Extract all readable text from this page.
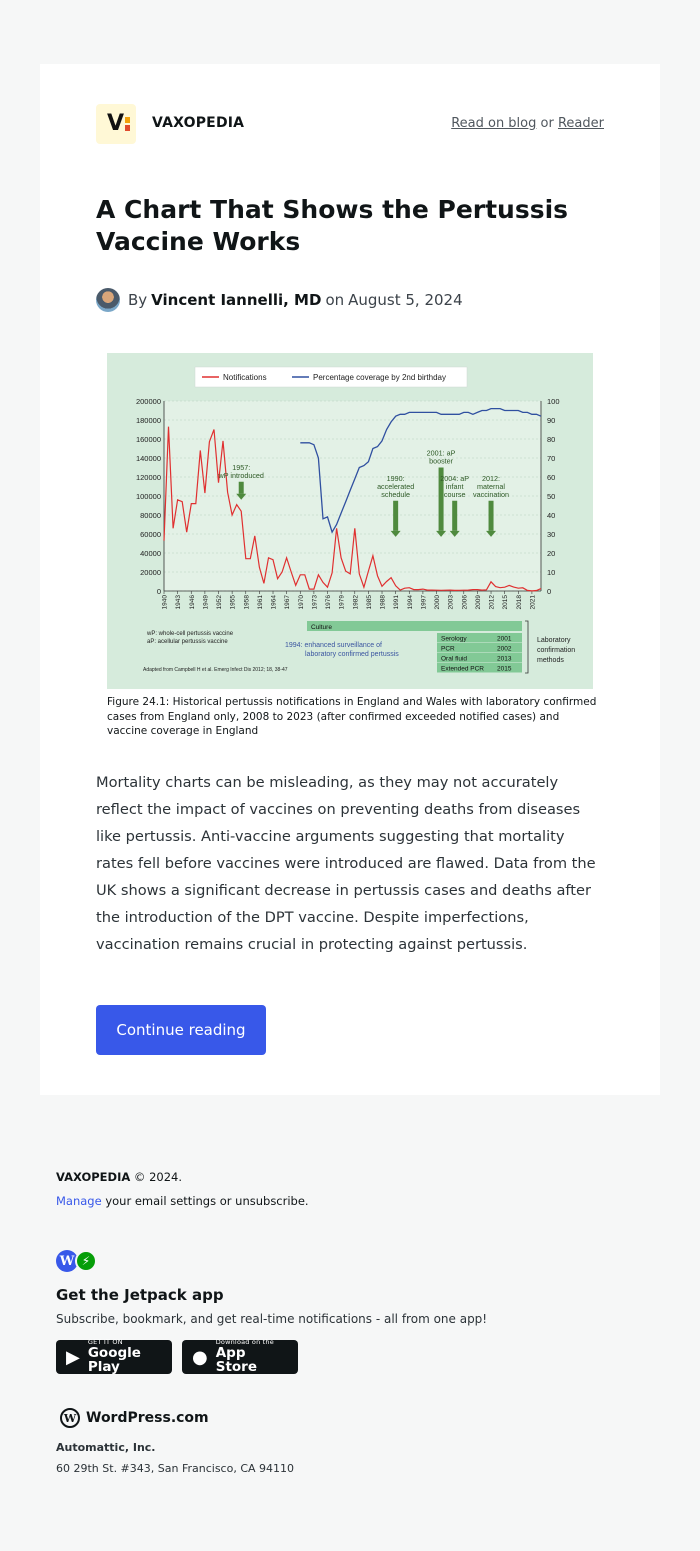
V VAXOPEDIA	Read on blog or Reader
A Chart That Shows the Pertussis Vaccine Works
By Vincent Iannelli, MD on August 5, 2024
0
20000
40000
60000
80000
100000
120000
140000
160000
180000
200000
0
10
20
30
40
50
60
70
80
90
100
1940 1943 1946 1949 1952 1955 1958 1961 1964 1967 1970 1973 1976 1979 1982 1985 1988 1991 1994 1997 2000 2003 2006 2009 2012 2015 2018 2021
1957:
wP introduced	1990:
accelerated
schedule
2001: aP
booster
2004: aP
infant
course
2012:
maternal
vaccination
Notifications	Percentage coverage by 2nd birthday
wP: whole-cell pertussis vaccine
aP: acellular pertussis vaccine
Adapted from Campbell H et al. Emerg Infect Dis 2012; 18, 38-47
1994: enhanced surveillance of
laboratory confirmed pertussis
Culture
Serology	2001
PCR	2002
Oral fluid	2013
Extended PCR 2015
Laboratory
confirmation
methods
Figure 24.1: Historical pertussis notifications in England and Wales with laboratory confirmed cases from England only, 2008 to 2023 (after confirmed exceeded notified cases) and vaccine coverage in England

Mortality charts can be misleading, as they may not accurately reflect the impact of vaccines on preventing deaths from diseases like pertussis. Anti-vaccine arguments suggesting that mortality rates fell before vaccines were introduced are flawed. Data from the UK shows a significant decrease in pertussis cases and deaths after the introduction of the DPT vaccine. Despite imperfections, vaccination remains crucial in protecting against pertussis.

Continue reading
VAXOPEDIA © 2024.
Manage your email settings or unsubscribe.
W ⚡
Get the Jetpack app
Subscribe, bookmark, and get real-time notifications - all from one app!
▶
GET IT ON
Google Play	●
Download on the
App Store
W WordPress.com
Automattic, Inc.
60 29th St. #343, San Francisco, CA 94110
